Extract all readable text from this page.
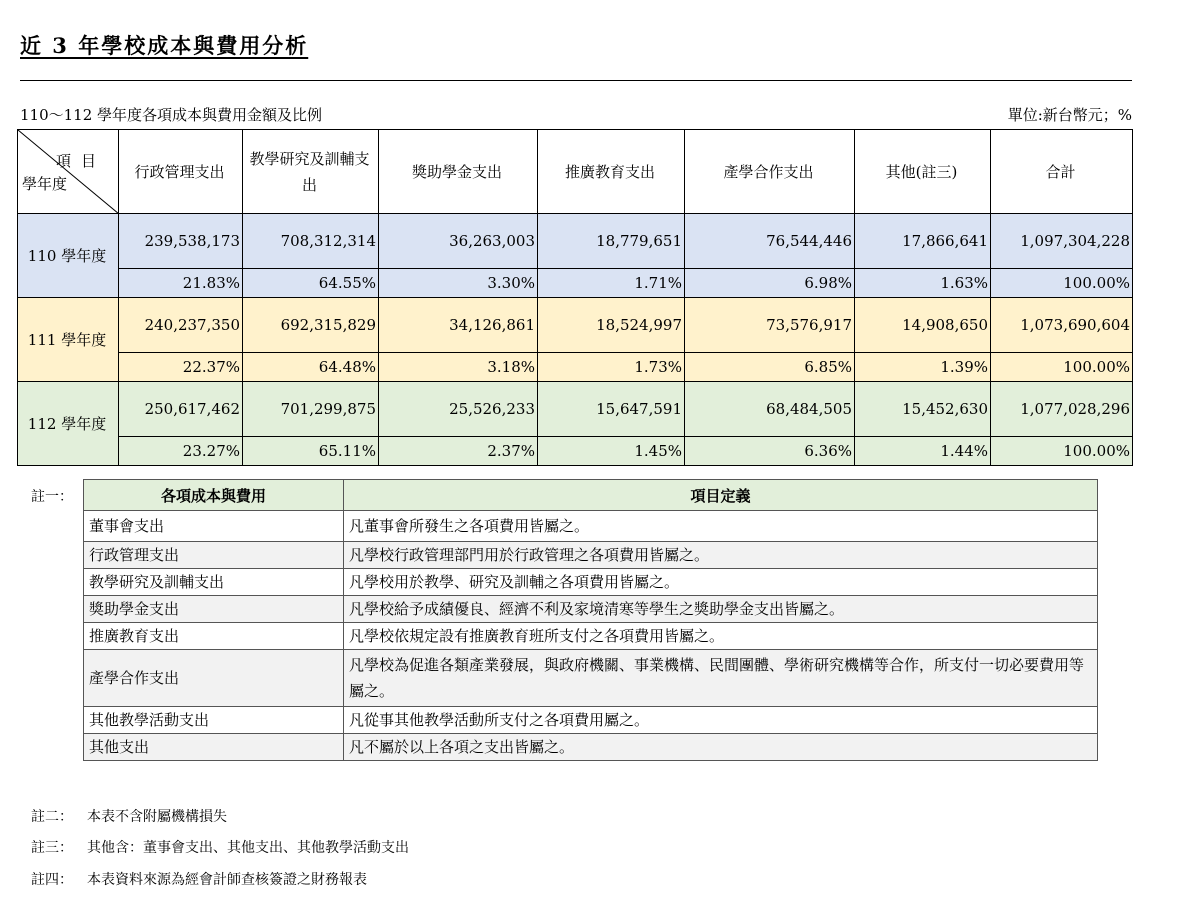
近 3 年學校成本與費用分析
110～112 學年度各項成本與費用金額及比例	單位:新台幣元；%
項目
學年度	行政管理支出	教學研究及訓輔支出	獎助學金支出	推廣教育支出	產學合作支出	其他(註三)	合計
110 學年度	239,538,173	708,312,314	36,263,003	18,779,651	76,544,446	17,866,641	1,097,304,228
	21.83%	64.55%	3.30%	1.71%	6.98%	1.63%	100.00%
111 學年度	240,237,350	692,315,829	34,126,861	18,524,997	73,576,917	14,908,650	1,073,690,604
	22.37%	64.48%	3.18%	1.73%	6.85%	1.39%	100.00%
112 學年度	250,617,462	701,299,875	25,526,233	15,647,591	68,484,505	15,452,630	1,077,028,296
	23.27%	65.11%	2.37%	1.45%	6.36%	1.44%	100.00%
註一：	各項成本與費用	項目定義
董事會支出	凡董事會所發生之各項費用皆屬之。
行政管理支出	凡學校行政管理部門用於行政管理之各項費用皆屬之。
教學研究及訓輔支出	凡學校用於教學、研究及訓輔之各項費用皆屬之。
獎助學金支出	凡學校給予成績優良、經濟不利及家境清寒等學生之獎助學金支出皆屬之。
推廣教育支出	凡學校依規定設有推廣教育班所支付之各項費用皆屬之。
產學合作支出	凡學校為促進各類產業發展，與政府機關、事業機構、民間團體、學術研究機構等合作，所支付一切必要費用等屬之。
其他教學活動支出	凡從事其他教學活動所支付之各項費用屬之。
其他支出	凡不屬於以上各項之支出皆屬之。
註二： 本表不含附屬機構損失
註三： 其他含：董事會支出、其他支出、其他教學活動支出
註四： 本表資料來源為經會計師查核簽證之財務報表
